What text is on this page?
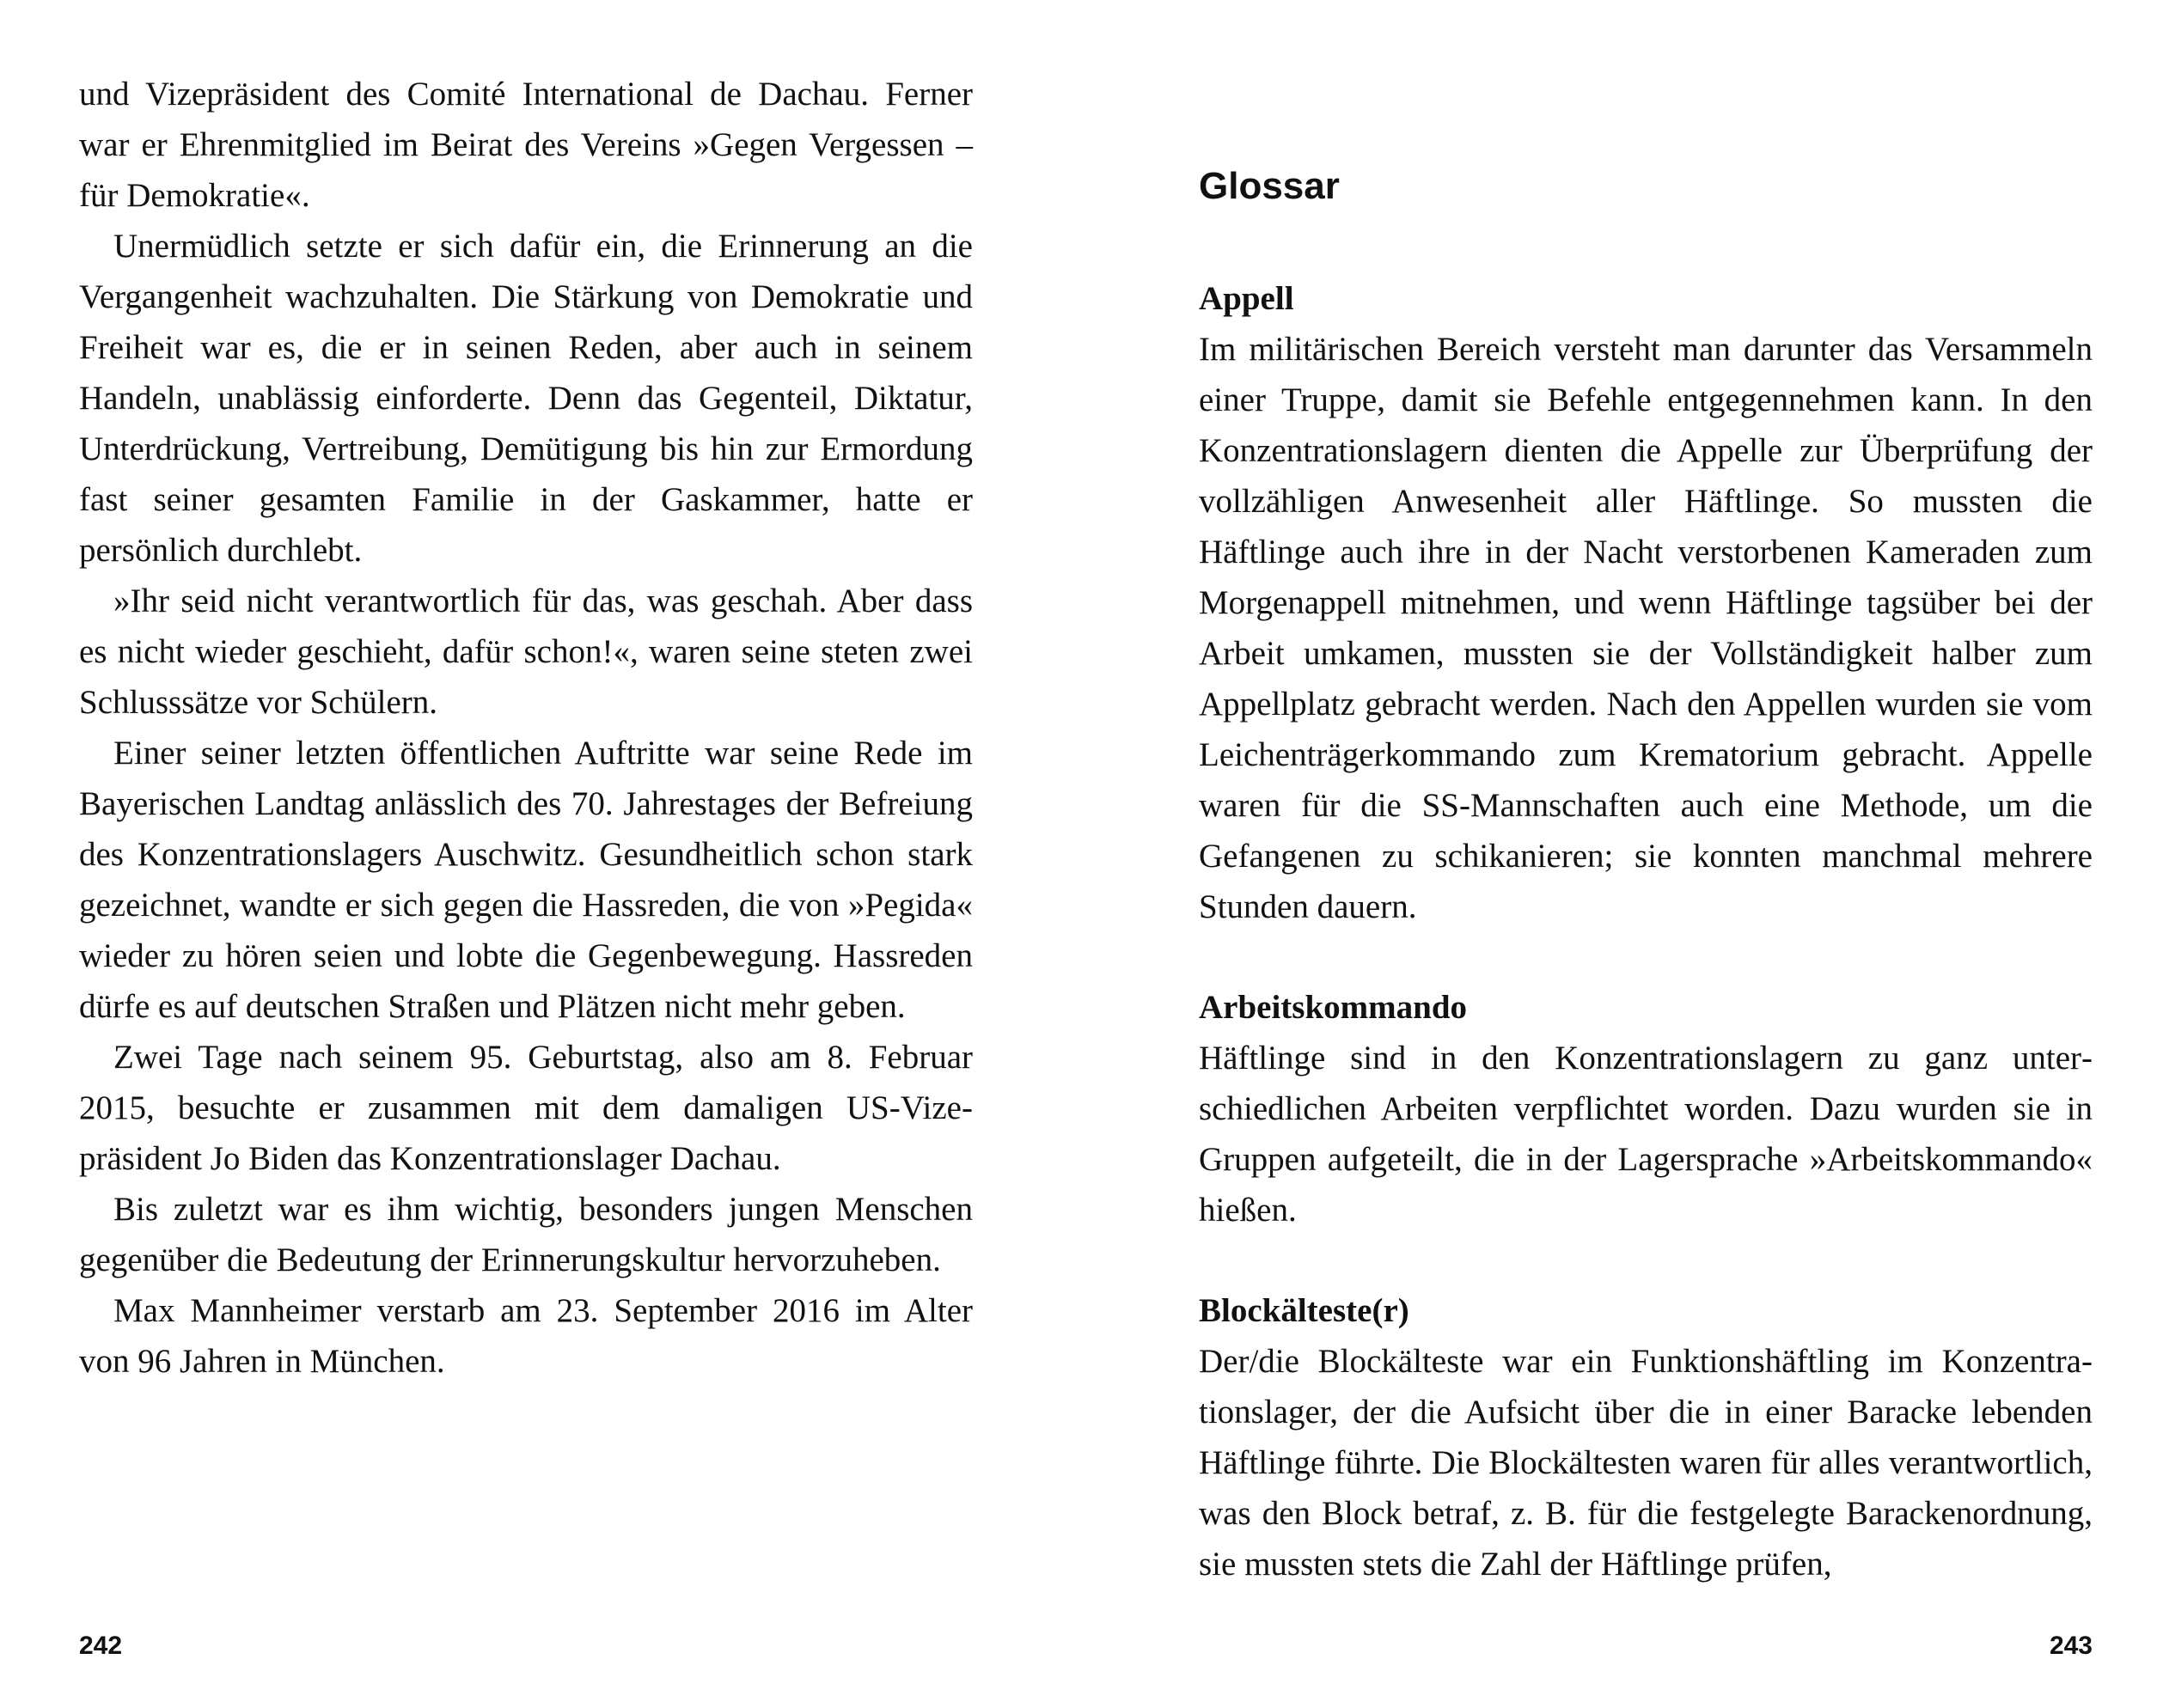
und Vizepräsident des Comité International de Dachau. Ferner war er Ehrenmitglied im Beirat des Vereins »Gegen Vergessen – für Demokratie«.

Unermüdlich setzte er sich dafür ein, die Erinnerung an die Vergangenheit wachzuhalten. Die Stärkung von Demokratie und Freiheit war es, die er in seinen Reden, aber auch in seinem Handeln, unablässig einforderte. Denn das Gegenteil, Diktatur, Unterdrückung, Vertreibung, Demütigung bis hin zur Ermordung fast seiner gesamten Familie in der Gaskammer, hatte er persönlich durchlebt.

»Ihr seid nicht verantwortlich für das, was geschah. Aber dass es nicht wieder geschieht, dafür schon!«, waren seine steten zwei Schlusssätze vor Schülern.

Einer seiner letzten öffentlichen Auftritte war seine Rede im Bayerischen Landtag anlässlich des 70. Jahrestages der Befreiung des Konzentrationslagers Auschwitz. Gesundheitlich schon stark gezeichnet, wandte er sich gegen die Hassreden, die von »Pegida« wieder zu hören seien und lobte die Gegenbewegung. Hassreden dürfe es auf deutschen Straßen und Plätzen nicht mehr geben.

Zwei Tage nach seinem 95. Geburtstag, also am 8. Februar 2015, besuchte er zusammen mit dem damaligen US-Vizepräsident Jo Biden das Konzentrationslager Dachau.

Bis zuletzt war es ihm wichtig, besonders jungen Menschen gegenüber die Bedeutung der Erinnerungskultur hervorzuheben.

Max Mannheimer verstarb am 23. September 2016 im Alter von 96 Jahren in München.

242
Glossar

Appell

Im militärischen Bereich versteht man darunter das Versammeln einer Truppe, damit sie Befehle entgegennehmen kann. In den Konzentrationslagern dienten die Appelle zur Überprüfung der vollzähligen Anwesenheit aller Häftlinge. So mussten die Häftlinge auch ihre in der Nacht verstorbenen Kameraden zum Morgenappell mitnehmen, und wenn Häftlinge tagsüber bei der Arbeit umkamen, mussten sie der Vollständigkeit halber zum Appellplatz gebracht werden. Nach den Appellen wurden sie vom Leichenträgerkommando zum Krematorium gebracht. Appelle waren für die SS-Mannschaften auch eine Methode, um die Gefangenen zu schikanieren; sie konnten manchmal mehrere Stunden dauern.

Arbeitskommando

Häftlinge sind in den Konzentrationslagern zu ganz unterschiedlichen Arbeiten verpflichtet worden. Dazu wurden sie in Gruppen aufgeteilt, die in der Lagersprache »Arbeitskommando« hießen.

Blockälteste(r)

Der/die Blockälteste war ein Funktionshäftling im Konzentrationslager, der die Aufsicht über die in einer Baracke lebenden Häftlinge führte. Die Blockältesten waren für alles verantwortlich, was den Block betraf, z. B. für die festgelegte Barackenordnung, sie mussten stets die Zahl der Häftlinge prüfen,

243
